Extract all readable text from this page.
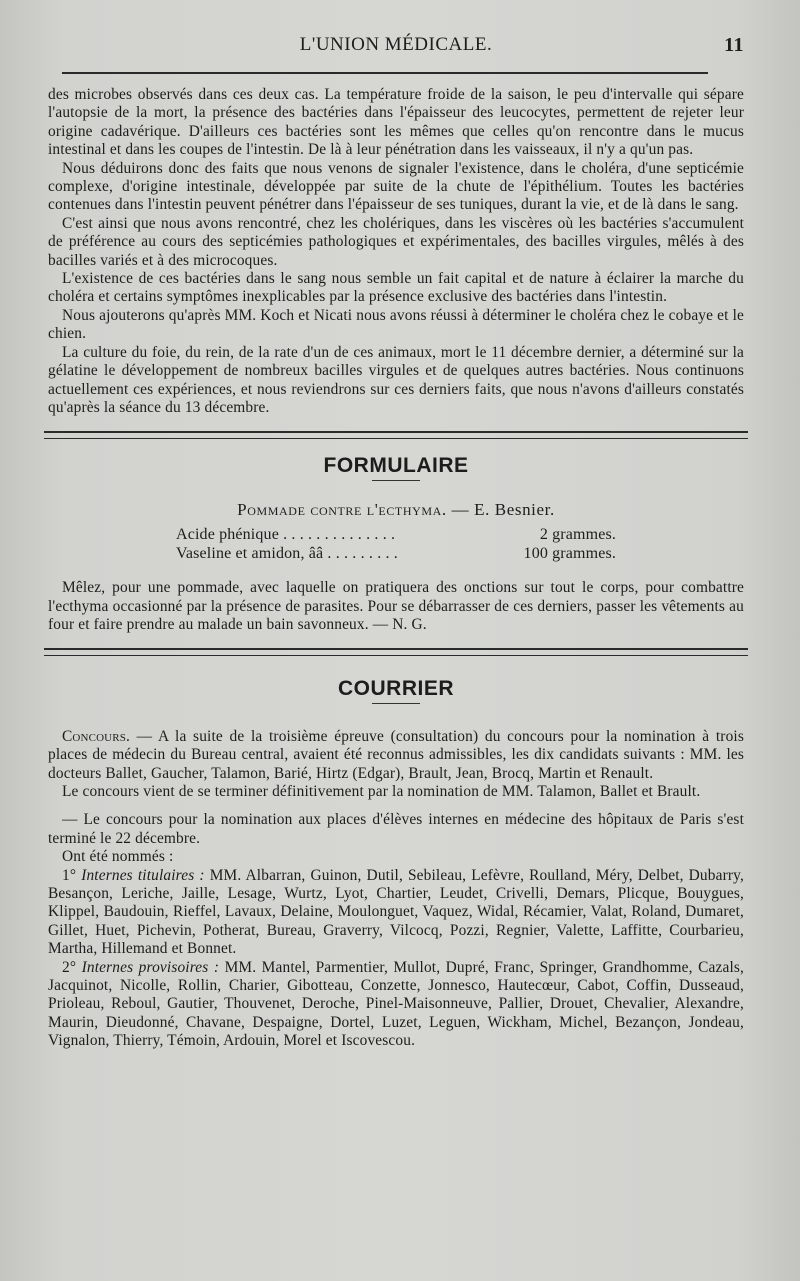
L'UNION MÉDICALE.	11

des microbes observés dans ces deux cas. La température froide de la saison, le peu d'intervalle qui sépare l'autopsie de la mort, la présence des bactéries dans l'épaisseur des leucocytes, permettent de rejeter leur origine cadavérique. D'ailleurs ces bactéries sont les mêmes que celles qu'on rencontre dans le mucus intestinal et dans les coupes de l'intestin. De là à leur pénétration dans les vaisseaux, il n'y a qu'un pas.

Nous déduirons donc des faits que nous venons de signaler l'existence, dans le choléra, d'une septicémie complexe, d'origine intestinale, développée par suite de la chute de l'épithélium. Toutes les bactéries contenues dans l'intestin peuvent pénétrer dans l'épaisseur de ses tuniques, durant la vie, et de là dans le sang.

C'est ainsi que nous avons rencontré, chez les cholériques, dans les viscères où les bactéries s'accumulent de préférence au cours des septicémies pathologiques et expérimentales, des bacilles virgules, mêlés à des bacilles variés et à des microcoques.

L'existence de ces bactéries dans le sang nous semble un fait capital et de nature à éclairer la marche du choléra et certains symptômes inexplicables par la présence exclusive des bactéries dans l'intestin.

Nous ajouterons qu'après MM. Koch et Nicati nous avons réussi à déterminer le choléra chez le cobaye et le chien.

La culture du foie, du rein, de la rate d'un de ces animaux, mort le 11 décembre dernier, a déterminé sur la gélatine le développement de nombreux bacilles virgules et de quelques autres bactéries. Nous continuons actuellement ces expériences, et nous reviendrons sur ces derniers faits, que nous n'avons d'ailleurs constatés qu'après la séance du 13 décembre.

FORMULAIRE
Pommade contre l'ecthyma. — E. Besnier.
Acide phénique . . . . . . . . . . . . . .	2 grammes.
Vaseline et amidon, ââ . . . . . . . . .	100 grammes.

Mêlez, pour une pommade, avec laquelle on pratiquera des onctions sur tout le corps, pour combattre l'ecthyma occasionné par la présence de parasites. Pour se débarrasser de ces derniers, passer les vêtements au four et faire prendre au malade un bain savonneux. — N. G.

COURRIER

Concours. — A la suite de la troisième épreuve (consultation) du concours pour la nomination à trois places de médecin du Bureau central, avaient été reconnus admissibles, les dix candidats suivants : MM. les docteurs Ballet, Gaucher, Talamon, Barié, Hirtz (Edgar), Brault, Jean, Brocq, Martin et Renault.

Le concours vient de se terminer définitivement par la nomination de MM. Talamon, Ballet et Brault.

— Le concours pour la nomination aux places d'élèves internes en médecine des hôpitaux de Paris s'est terminé le 22 décembre.

Ont été nommés :

1° Internes titulaires : MM. Albarran, Guinon, Dutil, Sebileau, Lefèvre, Roulland, Méry, Delbet, Dubarry, Besançon, Leriche, Jaille, Lesage, Wurtz, Lyot, Chartier, Leudet, Crivelli, Demars, Plicque, Bouygues, Klippel, Baudouin, Rieffel, Lavaux, Delaine, Moulonguet, Vaquez, Widal, Récamier, Valat, Roland, Dumaret, Gillet, Huet, Pichevin, Potherat, Bureau, Graverry, Vilcocq, Pozzi, Regnier, Valette, Laffitte, Courbarieu, Martha, Hillemand et Bonnet.

2° Internes provisoires : MM. Mantel, Parmentier, Mullot, Dupré, Franc, Springer, Grandhomme, Cazals, Jacquinot, Nicolle, Rollin, Charier, Gibotteau, Conzette, Jonnesco, Hautecœur, Cabot, Coffin, Dusseaud, Prioleau, Reboul, Gautier, Thouvenet, Deroche, Pinel-Maisonneuve, Pallier, Drouet, Chevalier, Alexandre, Maurin, Dieudonné, Chavane, Despaigne, Dortel, Luzet, Leguen, Wickham, Michel, Bezançon, Jondeau, Vignalon, Thierry, Témoin, Ardouin, Morel et Iscovescou.
